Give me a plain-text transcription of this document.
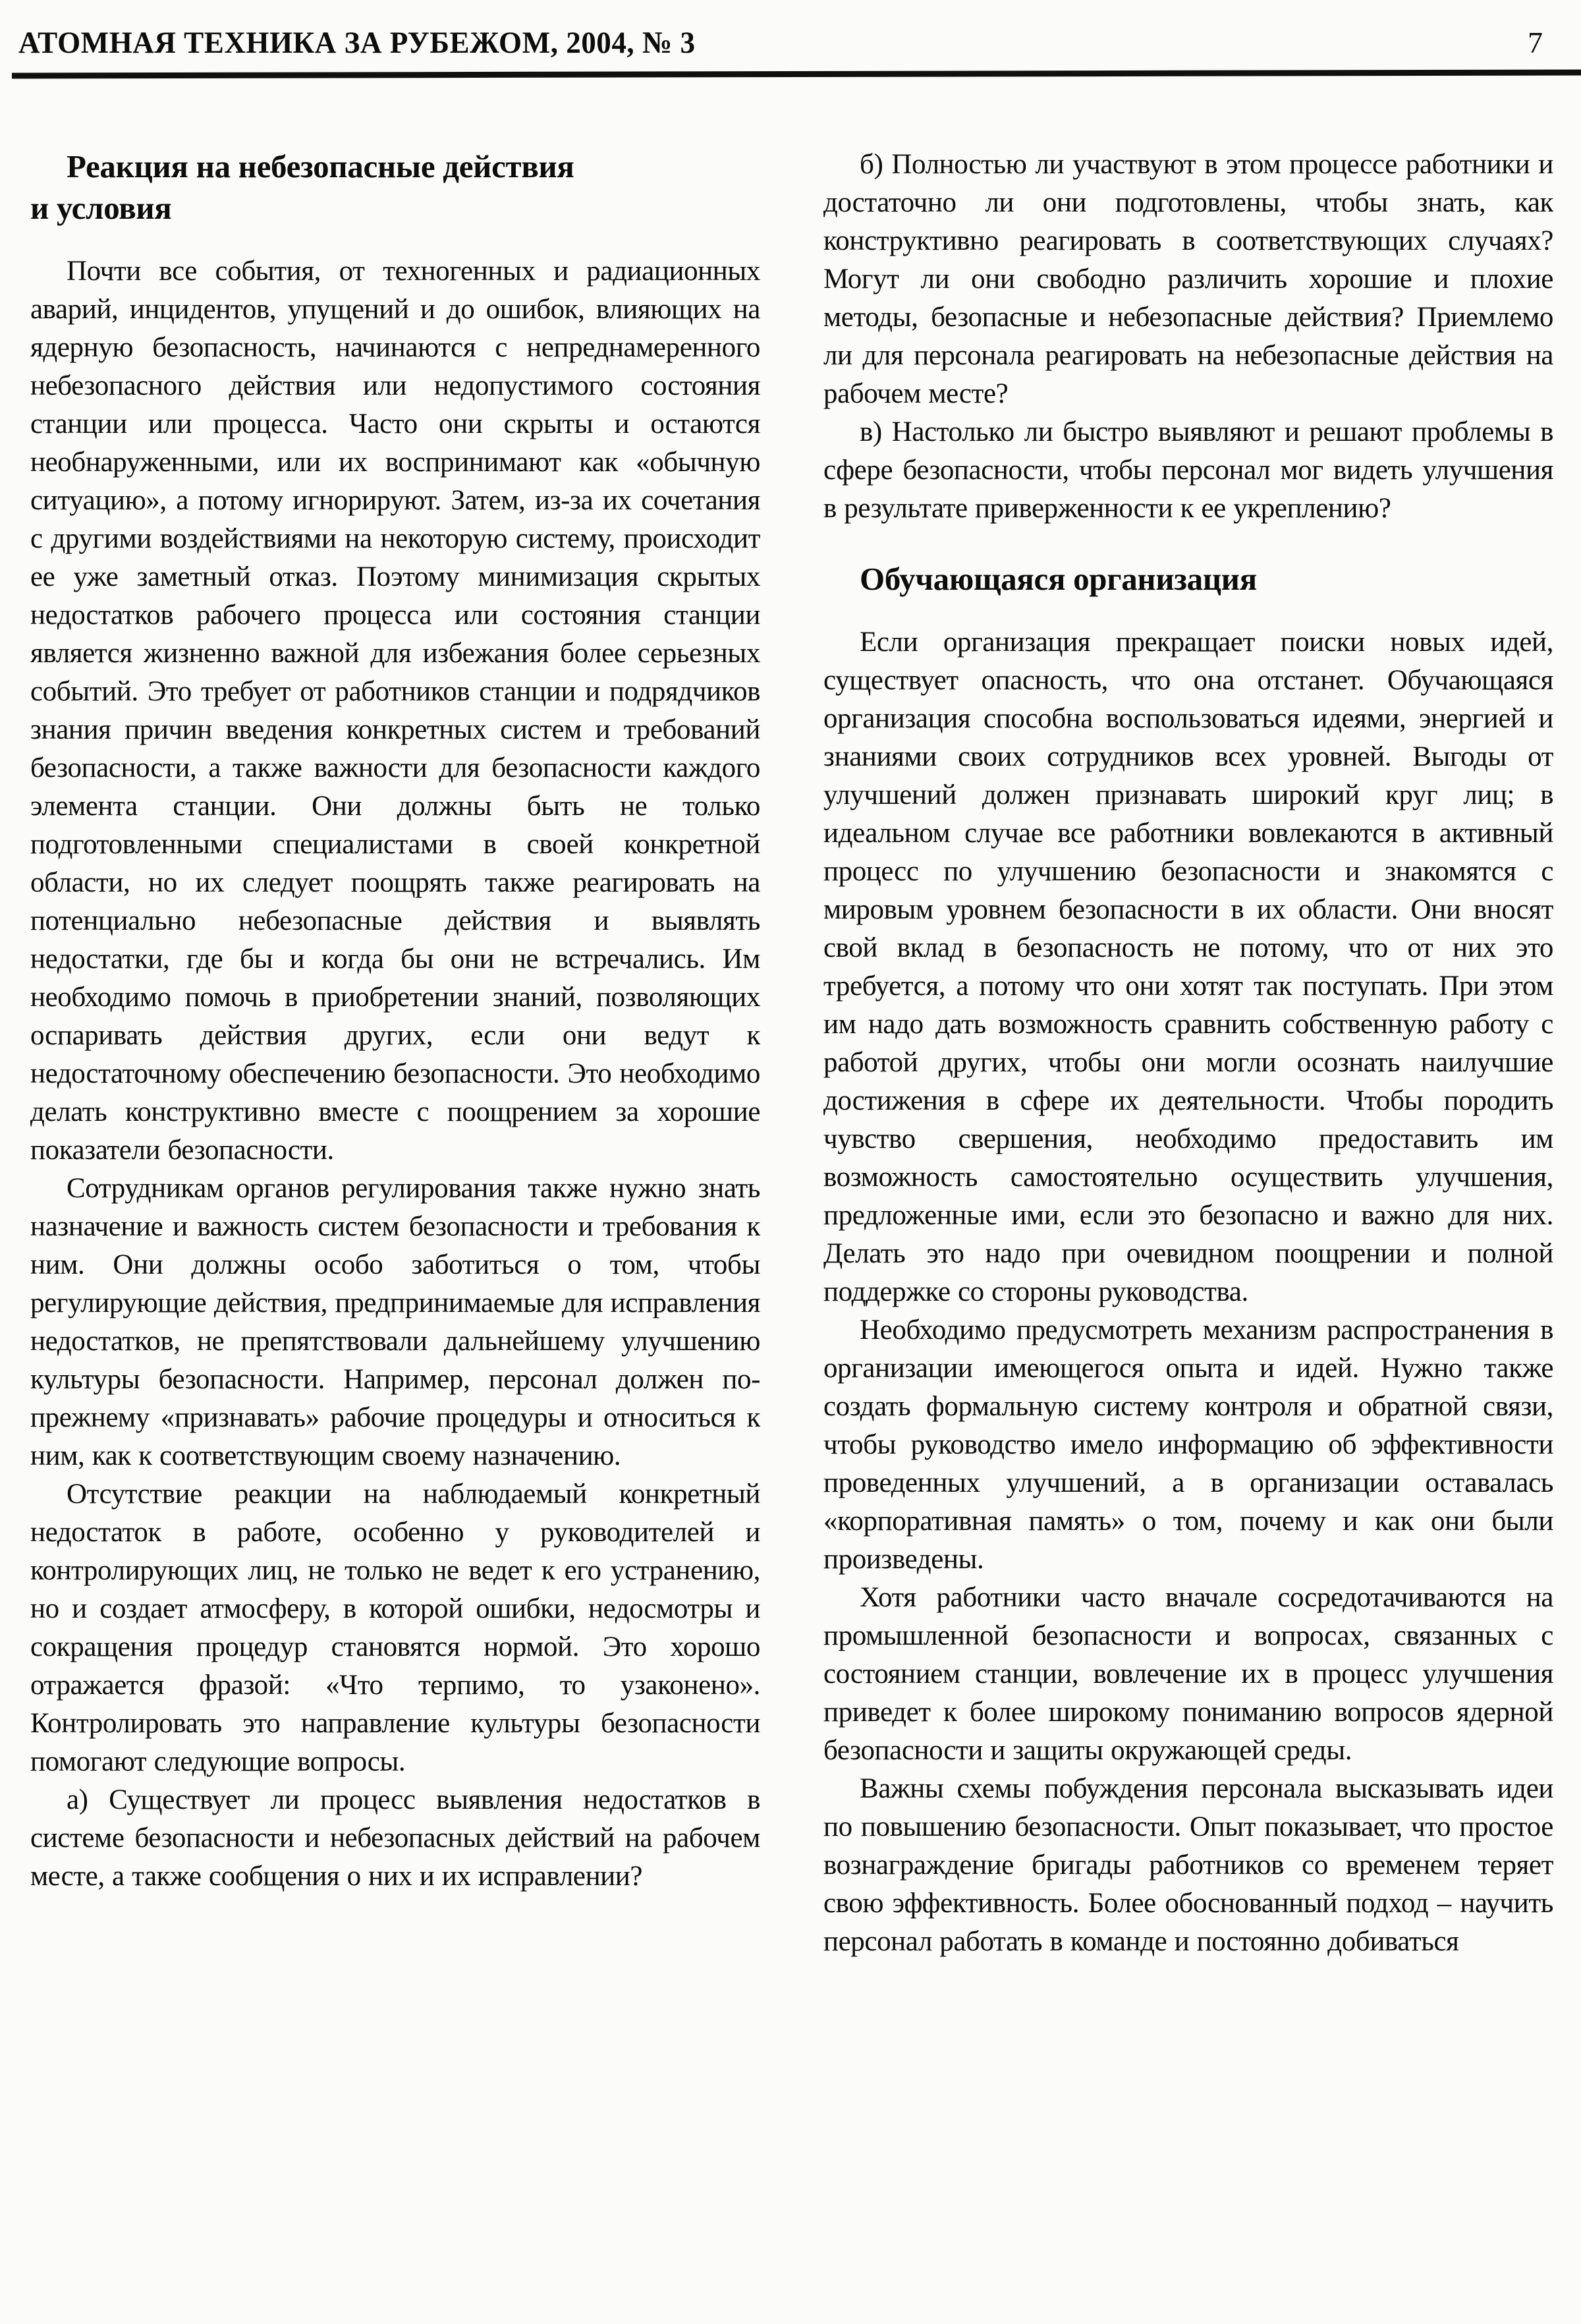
АТОМНАЯ ТЕХНИКА ЗА РУБЕЖОМ, 2004, № 3	7
Реакция на небезопасные действия и условия

Почти все события, от техногенных и радиационных аварий, инцидентов, упущений и до ошибок, влияющих на ядерную безопасность, начинаются с непреднамеренного небезопасного действия или недопустимого состояния станции или процесса. Часто они скрыты и остаются необнаруженными, или их воспринимают как «обычную ситуацию», а потому игнорируют. Затем, из-за их сочетания с другими воздействиями на некоторую систему, происходит ее уже заметный отказ. Поэтому минимизация скрытых недостатков рабочего процесса или состояния станции является жизненно важной для избежания более серьезных событий. Это требует от работников станции и подрядчиков знания причин введения конкретных систем и требований безопасности, а также важности для безопасности каждого элемента станции. Они должны быть не только подготовленными специалистами в своей конкретной области, но их следует поощрять также реагировать на потенциально небезопасные действия и выявлять недостатки, где бы и когда бы они не встречались. Им необходимо помочь в приобретении знаний, позволяющих оспаривать действия других, если они ведут к недостаточному обеспечению безопасности. Это необходимо делать конструктивно вместе с поощрением за хорошие показатели безопасности.

Сотрудникам органов регулирования также нужно знать назначение и важность систем безопасности и требования к ним. Они должны особо заботиться о том, чтобы регулирующие действия, предпринимаемые для исправления недостатков, не препятствовали дальнейшему улучшению культуры безопасности. Например, персонал должен по-прежнему «признавать» рабочие процедуры и относиться к ним, как к соответствующим своему назначению.

Отсутствие реакции на наблюдаемый конкретный недостаток в работе, особенно у руководителей и контролирующих лиц, не только не ведет к его устранению, но и создает атмосферу, в которой ошибки, недосмотры и сокращения процедур становятся нормой. Это хорошо отражается фразой: «Что терпимо, то узаконено». Контролировать это направление культуры безопасности помогают следующие вопросы.

а) Существует ли процесс выявления недостатков в системе безопасности и небезопасных действий на рабочем месте, а также сообщения о них и их исправлении?

б) Полностью ли участвуют в этом процессе работники и достаточно ли они подготовлены, чтобы знать, как конструктивно реагировать в соответствующих случаях? Могут ли они свободно различить хорошие и плохие методы, безопасные и небезопасные действия? Приемлемо ли для персонала реагировать на небезопасные действия на рабочем месте?

в) Настолько ли быстро выявляют и решают проблемы в сфере безопасности, чтобы персонал мог видеть улучшения в результате приверженности к ее укреплению?

Обучающаяся организация

Если организация прекращает поиски новых идей, существует опасность, что она отстанет. Обучающаяся организация способна воспользоваться идеями, энергией и знаниями своих сотрудников всех уровней. Выгоды от улучшений должен признавать широкий круг лиц; в идеальном случае все работники вовлекаются в активный процесс по улучшению безопасности и знакомятся с мировым уровнем безопасности в их области. Они вносят свой вклад в безопасность не потому, что от них это требуется, а потому что они хотят так поступать. При этом им надо дать возможность сравнить собственную работу с работой других, чтобы они могли осознать наилучшие достижения в сфере их деятельности. Чтобы породить чувство свершения, необходимо предоставить им возможность самостоятельно осуществить улучшения, предложенные ими, если это безопасно и важно для них. Делать это надо при очевидном поощрении и полной поддержке со стороны руководства.

Необходимо предусмотреть механизм распространения в организации имеющегося опыта и идей. Нужно также создать формальную систему контроля и обратной связи, чтобы руководство имело информацию об эффективности проведенных улучшений, а в организации оставалась «корпоративная память» о том, почему и как они были произведены.

Хотя работники часто вначале сосредотачиваются на промышленной безопасности и вопросах, связанных с состоянием станции, вовлечение их в процесс улучшения приведет к более широкому пониманию вопросов ядерной безопасности и защиты окружающей среды.

Важны схемы побуждения персонала высказывать идеи по повышению безопасности. Опыт показывает, что простое вознаграждение бригады работников со временем теряет свою эффективность. Более обоснованный подход – научить персонал работать в команде и постоянно добиваться
